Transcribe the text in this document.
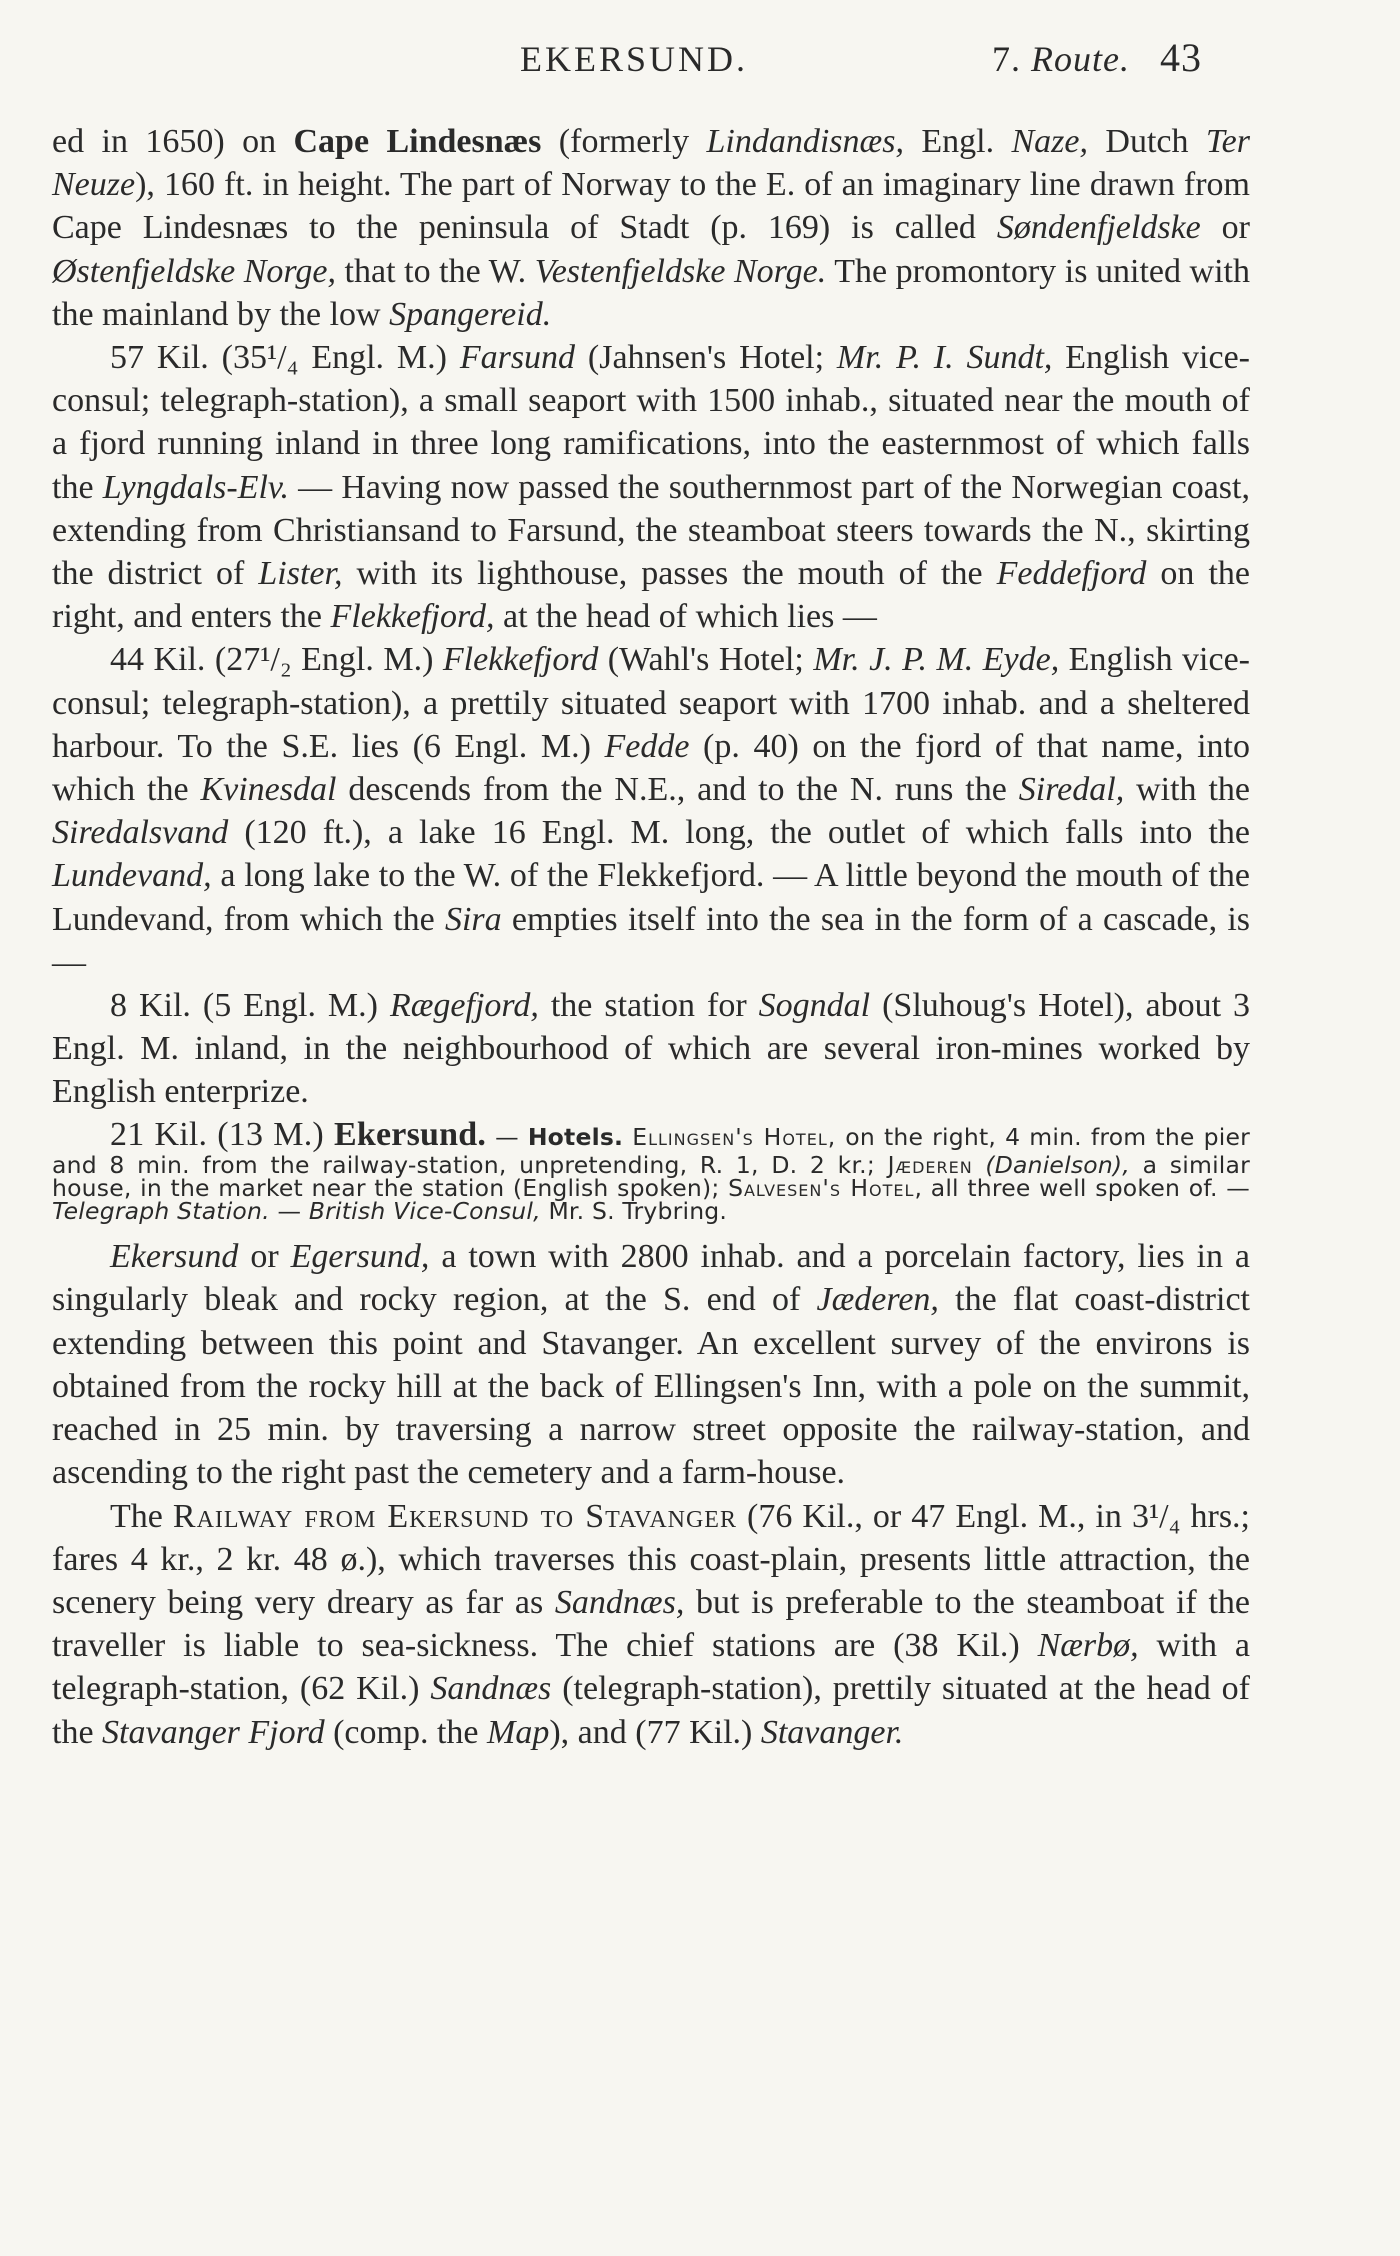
EKERSUND.	7. Route. 43

ed in 1650) on Cape Lindesnæs (formerly Lindandisnæs, Engl. Naze, Dutch Ter Neuze), 160 ft. in height. The part of Norway to the E. of an imaginary line drawn from Cape Lindesnæs to the peninsula of Stadt (p. 169) is called Søndenfjeldske or Østenfjeldske Norge, that to the W. Vestenfjeldske Norge. The promontory is united with the mainland by the low Spangereid.

57 Kil. (35¹/₄ Engl. M.) Farsund (Jahnsen's Hotel; Mr. P. I. Sundt, English vice-consul; telegraph-station), a small seaport with 1500 inhab., situated near the mouth of a fjord running inland in three long ramifications, into the easternmost of which falls the Lyngdals-Elv. — Having now passed the southernmost part of the Norwegian coast, extending from Christiansand to Farsund, the steamboat steers towards the N., skirting the district of Lister, with its lighthouse, passes the mouth of the Feddefjord on the right, and enters the Flekkefjord, at the head of which lies —

44 Kil. (27¹/₂ Engl. M.) Flekkefjord (Wahl's Hotel; Mr. J. P. M. Eyde, English vice-consul; telegraph-station), a prettily situated seaport with 1700 inhab. and a sheltered harbour. To the S.E. lies (6 Engl. M.) Fedde (p. 40) on the fjord of that name, into which the Kvinesdal descends from the N.E., and to the N. runs the Siredal, with the Siredalsvand (120 ft.), a lake 16 Engl. M. long, the outlet of which falls into the Lundevand, a long lake to the W. of the Flekkefjord. — A little beyond the mouth of the Lundevand, from which the Sira empties itself into the sea in the form of a cascade, is —

8 Kil. (5 Engl. M.) Rægefjord, the station for Sogndal (Sluhoug's Hotel), about 3 Engl. M. inland, in the neighbourhood of which are several iron-mines worked by English enterprize.

21 Kil. (13 M.) Ekersund. — Hotels. Ellingsen's Hotel, on the right, 4 min. from the pier and 8 min. from the railway-station, unpretending, R. 1, D. 2 kr.; Jæderen (Danielson), a similar house, in the market near the station (English spoken); Salvesen's Hotel, all three well spoken of. — Telegraph Station. — British Vice-Consul, Mr. S. Trybring.

Ekersund or Egersund, a town with 2800 inhab. and a porcelain factory, lies in a singularly bleak and rocky region, at the S. end of Jæderen, the flat coast-district extending between this point and Stavanger. An excellent survey of the environs is obtained from the rocky hill at the back of Ellingsen's Inn, with a pole on the summit, reached in 25 min. by traversing a narrow street opposite the railway-station, and ascending to the right past the cemetery and a farm-house.

The Railway from Ekersund to Stavanger (76 Kil., or 47 Engl. M., in 3¹/₄ hrs.; fares 4 kr., 2 kr. 48 ø.), which traverses this coast-plain, presents little attraction, the scenery being very dreary as far as Sandnæs, but is preferable to the steamboat if the traveller is liable to sea-sickness. The chief stations are (38 Kil.) Nærbø, with a telegraph-station, (62 Kil.) Sandnæs (telegraph-station), prettily situated at the head of the Stavanger Fjord (comp. the Map), and (77 Kil.) Stavanger.
